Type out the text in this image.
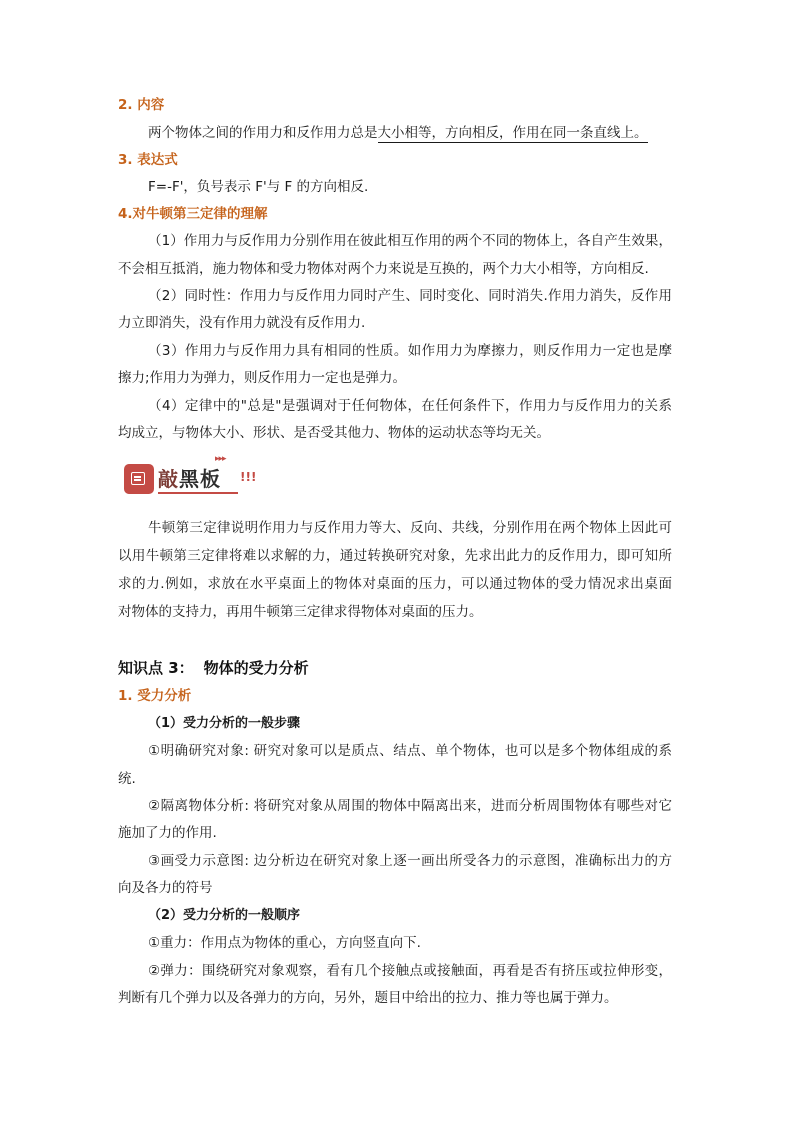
2. 内容
两个物体之间的作用力和反作用力总是大小相等，方向相反，作用在同一条直线上。
3. 表达式
F=-F'，负号表示 F'与 F 的方向相反.
4.对牛顿第三定律的理解
（1）作用力与反作用力分别作用在彼此相互作用的两个不同的物体上，各自产生效果，
不会相互抵消，施力物体和受力物体对两个力来说是互换的，两个力大小相等，方向相反.
（2）同时性：作用力与反作用力同时产生、同时变化、同时消失.作用力消失，反作用
力立即消失，没有作用力就没有反作用力.
（3）作用力与反作用力具有相同的性质。如作用力为摩擦力，则反作用力一定也是摩
擦力;作用力为弹力，则反作用力一定也是弹力。
（4）定律中的"总是"是强调对于任何物体，在任何条件下，作用力与反作用力的关系
均成立，与物体大小、形状、是否受其他力、物体的运动状态等均无关。
敲黑板
▸▸▸
!!!
牛顿第三定律说明作用力与反作用力等大、反向、共线，分别作用在两个物体上因此可
以用牛顿第三定律将难以求解的力，通过转换研究对象，先求出此力的反作用力，即可知所
求的力.例如，求放在水平桌面上的物体对桌面的压力，可以通过物体的受力情况求出桌面
对物体的支持力，再用牛顿第三定律求得物体对桌面的压力。
知识点 3： 物体的受力分析
1. 受力分析
（1）受力分析的一般步骤
①明确研究对象: 研究对象可以是质点、结点、单个物体，也可以是多个物体组成的系
统.
②隔离物体分析: 将研究对象从周围的物体中隔离出来，进而分析周围物体有哪些对它
施加了力的作用.
③画受力示意图: 边分析边在研究对象上逐一画出所受各力的示意图，准确标出力的方
向及各力的符号
（2）受力分析的一般顺序
①重力：作用点为物体的重心，方向竖直向下.
②弹力：围绕研究对象观察，看有几个接触点或接触面，再看是否有挤压或拉伸形变，
判断有几个弹力以及各弹力的方向，另外，题目中给出的拉力、推力等也属于弹力。
